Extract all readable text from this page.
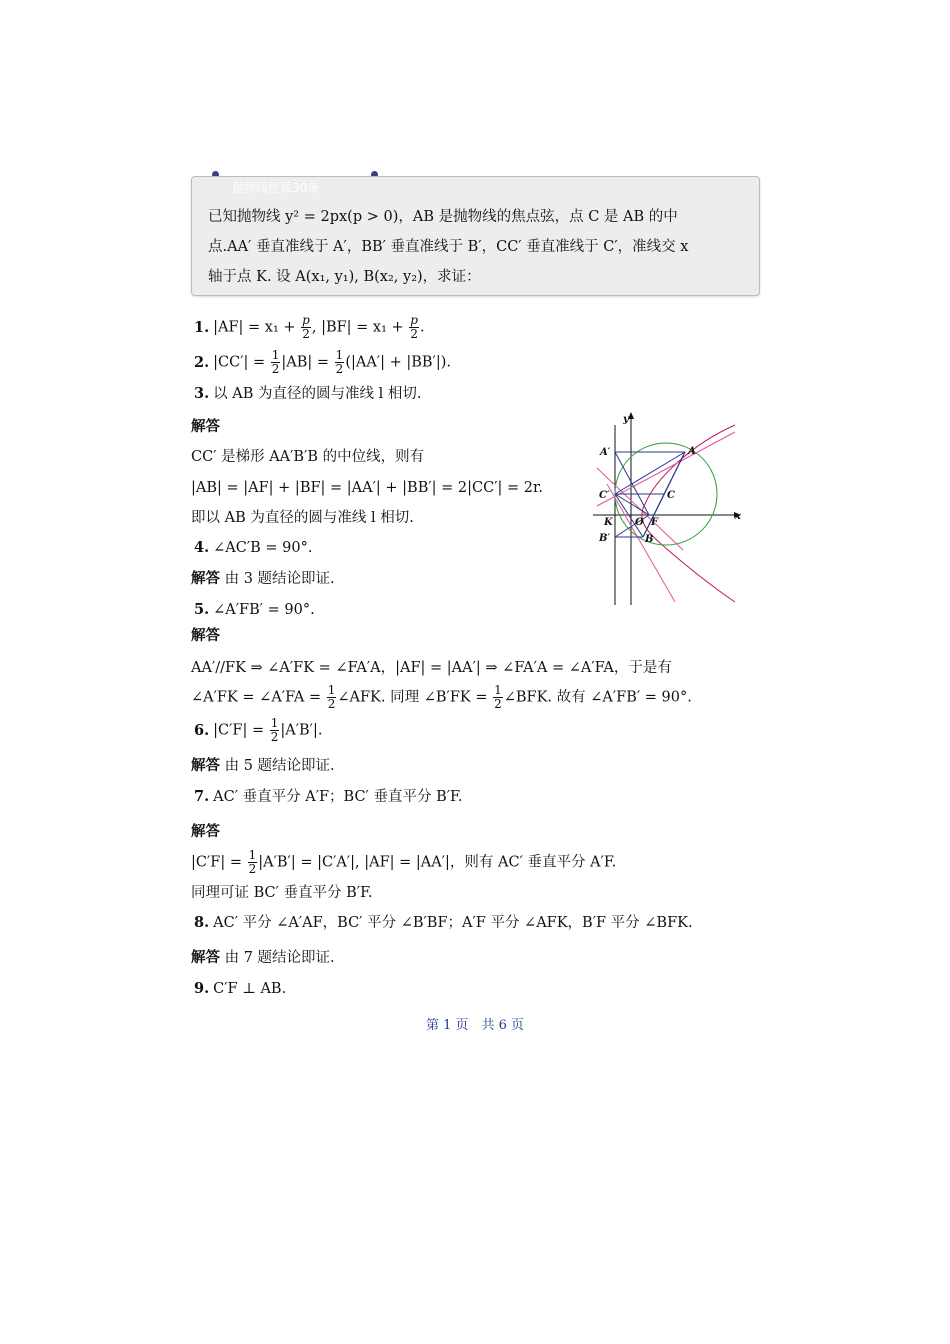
抛物线性质30条
已知抛物线 y² = 2px(p > 0)，AB 是抛物线的焦点弦，点 C 是 AB 的中
点.AA′ 垂直准线于 A′，BB′ 垂直准线于 B′，CC′ 垂直准线于 C′，准线交 x
轴于点 K. 设 A(x₁, y₁), B(x₂, y₂)，求证：
1. $|AF| = x_1 + \frac{p}{2}$ , $|BF| = x_1 + \frac{p}{2}$ .
2. $|CC'| = \frac{1}{2} |AB| = \frac{1}{2} (|AA'| + |BB'|)$.
3. 以 AB 为直径的圆与准线 l 相切.
解答
CC′ 是梯形 AA′B′B 的中位线，则有
|AB| = |AF| + |BF| = |AA′| + |BB′| = 2|CC′| = 2r.
即以 AB 为直径的圆与准线 l 相切.
4. ∠AC′B = 90°.
解答 由 3 题结论即证.
5. ∠A′FB′ = 90°.
解答
AA′//FK ⇒ ∠A′FK = ∠FA′A，|AF| = |AA′| ⇒ ∠FA′A = ∠A′FA，于是有
∠A′FK = ∠A′FA = $\frac{1}{2}$ ∠AFK. 同理 ∠B′FK = $\frac{1}{2}$ ∠BFK. 故有 ∠A′FB′ = 90°.
6. $|C'F| = \frac{1}{2} |A'B'|$.
解答 由 5 题结论即证.
7. AC′ 垂直平分 A′F；BC′ 垂直平分 B′F.
解答
$|C'F| = \frac{1}{2} |A'B'| = |C'A'|$, |AF| = |AA′|，则有 AC′ 垂直平分 A′F.
同理可证 BC′ 垂直平分 B′F.
8. AC′ 平分 ∠A′AF，BC′ 平分 ∠B′BF；A′F 平分 ∠AFK，B′F 平分 ∠BFK.
解答 由 7 题结论即证.
9. C′F ⊥ AB.
y
x
A′	A
C′	C
K O F
B′	B
第 1 页　共 6 页
